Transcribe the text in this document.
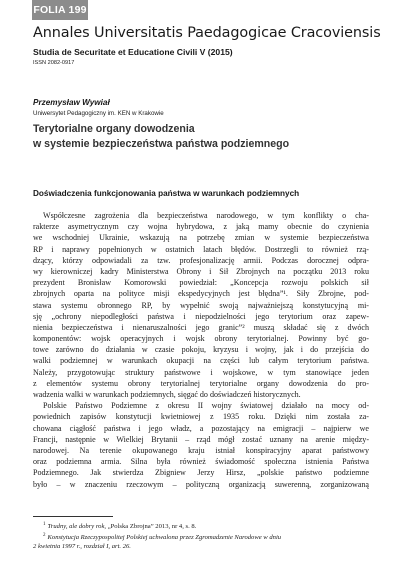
FOLIA 199
Annales Universitatis Paedagogicae Cracoviensis
Studia de Securitate et Educatione Civili V (2015)
ISSN 2082-0917
Przemysław Wywiał
Uniwersytet Pedagogiczny im. KEN w Krakowie
Terytorialne organy dowodzenia
w systemie bezpieczeństwa państwa podziemnego
Doświadczenia funkcjonowania państwa w warunkach podziemnych
Współczesne zagrożenia dla bezpieczeństwa narodowego, w tym konflikty o cha-
rakterze asymetrycznym czy wojna hybrydowa, z jaką mamy obecnie do czynienia
we wschodniej Ukrainie, wskazują na potrzebę zmian w systemie bezpieczeństwa
RP i naprawy popełnionych w ostatnich latach błędów. Dostrzegli to również rzą-
dzący, którzy odpowiadali za tzw. profesjonalizację armii. Podczas dorocznej odpra-
wy kierowniczej kadry Ministerstwa Obrony i Sił Zbrojnych na początku 2013 roku
prezydent Bronisław Komorowski powiedział: „Koncepcja rozwoju polskich sił
zbrojnych oparta na polityce misji ekspedycyjnych jest błędna”¹. Siły Zbrojne, pod-
stawa systemu obronnego RP, by wypełnić swoją najważniejszą konstytucyjną mi-
sję „ochrony niepodległości państwa i niepodzielności jego terytorium oraz zapew-
nienia bezpieczeństwa i nienaruszalności jego granic”² muszą składać się z dwóch
komponentów: wojsk operacyjnych i wojsk obrony terytorialnej. Powinny być go-
towe zarówno do działania w czasie pokoju, kryzysu i wojny, jak i do przejścia do
walki podziemnej w warunkach okupacji na części lub całym terytorium państwa.
Należy, przygotowując struktury państwowe i wojskowe, w tym stanowiące jeden
z elementów systemu obrony terytorialnej terytorialne organy dowodzenia do pro-
wadzenia walki w warunkach podziemnych, sięgać do doświadczeń historycznych.
Polskie Państwo Podziemne z okresu II wojny światowej działało na mocy od-
powiednich zapisów konstytucji kwietniowej z 1935 roku. Dzięki nim została za-
chowana ciągłość państwa i jego władz, a pozostający na emigracji – najpierw we
Francji, następnie w Wielkiej Brytanii – rząd mógł zostać uznany na arenie między-
narodowej. Na terenie okupowanego kraju istniał konspiracyjny aparat państwowy
oraz podziemna armia. Silna była również świadomość społeczna istnienia Państwa
Podziemnego. Jak stwierdza Zbigniew Jerzy Hirsz, „polskie państwo podziemne
było – w znaczeniu rzeczowym – polityczną organizacją suwerenną, zorganizowaną
$^1$ Trudny, ale dobry rok, „Polska Zbrojna” 2013, nr 4, s. 8.
$^2$ Konstytucja Rzeczypospolitej Polskiej uchwalona przez Zgromadzenie Narodowe w dniu
2 kwietnia 1997 r., rozdział I, art. 26.
